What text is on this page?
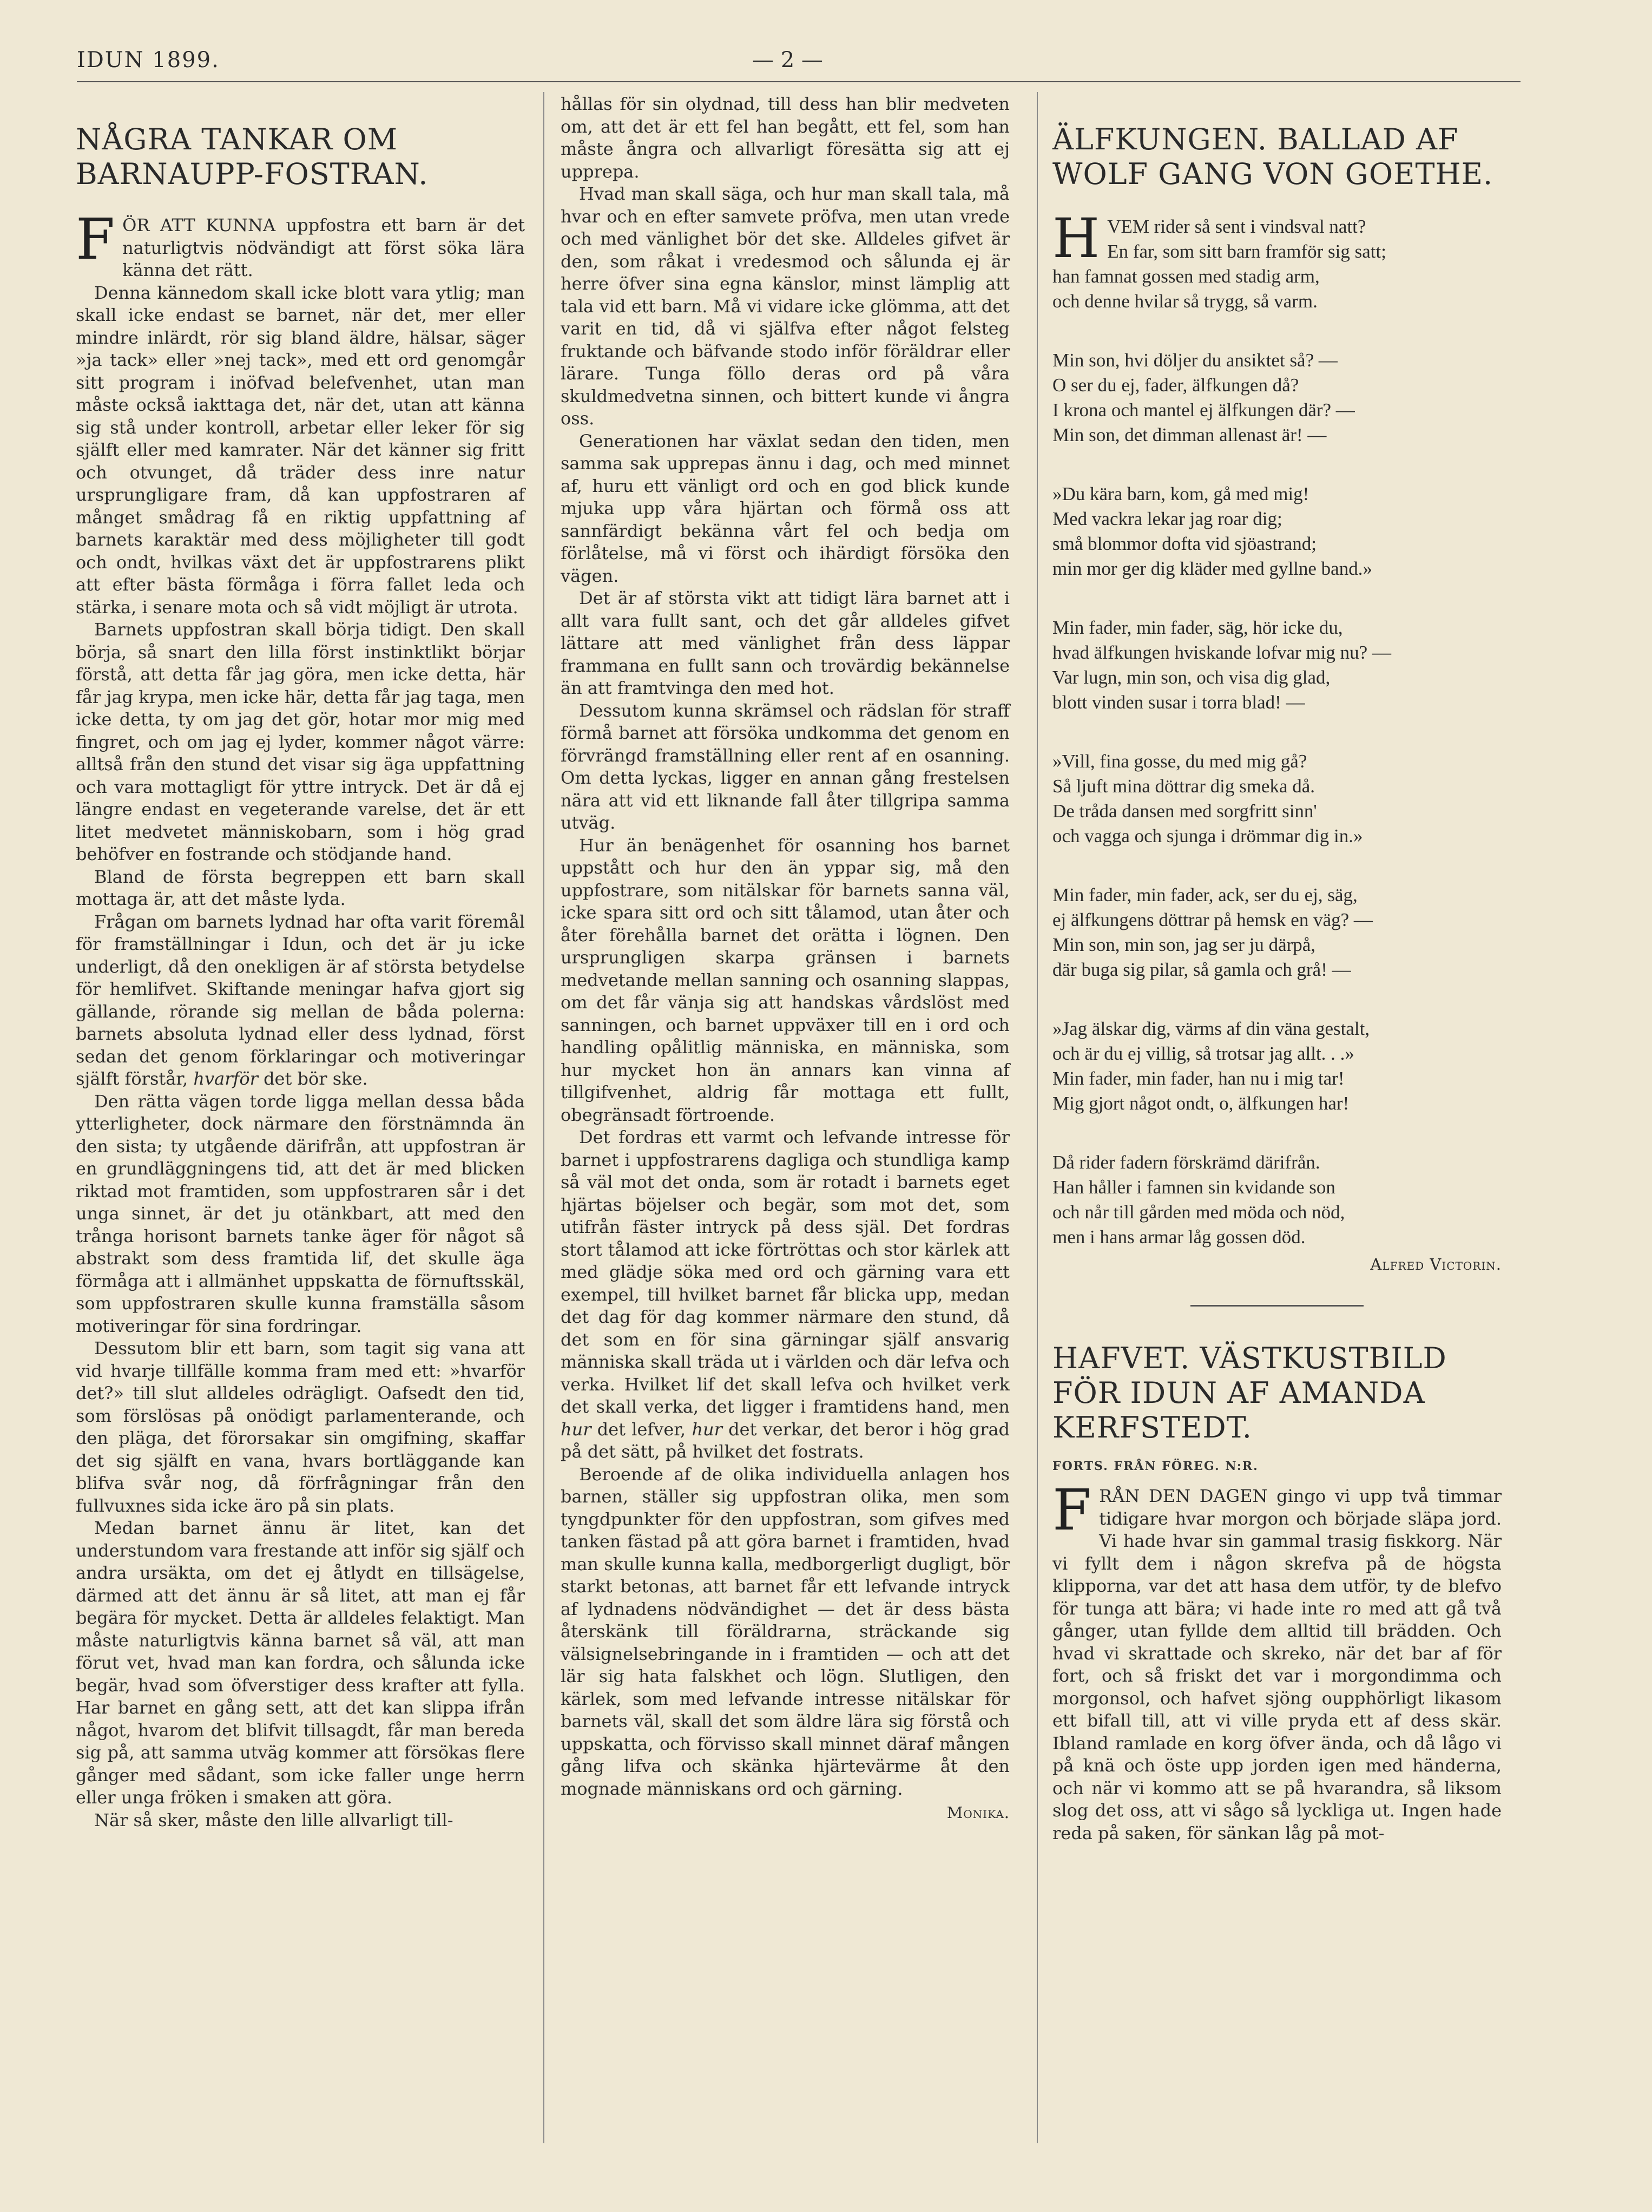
IDUN 1899.	— 2 —
NÅGRA TANKAR OM BARNAUPP-FOSTRAN.

FÖR ATT KUNNA uppfostra ett barn är det naturligtvis nödvändigt att först söka lära känna det rätt.

Denna kännedom skall icke blott vara ytlig; man skall icke endast se barnet, när det, mer eller mindre inlärdt, rör sig bland äldre, hälsar, säger »ja tack» eller »nej tack», med ett ord genomgår sitt program i inöfvad belefvenhet, utan man måste också iakttaga det, när det, utan att känna sig stå under kontroll, arbetar eller leker för sig själft eller med kamrater. När det känner sig fritt och otvunget, då träder dess inre natur ursprungligare fram, då kan uppfostraren af månget smådrag få en riktig uppfattning af barnets karaktär med dess möjligheter till godt och ondt, hvilkas växt det är uppfostrarens plikt att efter bästa förmåga i förra fallet leda och stärka, i senare mota och så vidt möjligt är utrota.

Barnets uppfostran skall börja tidigt. Den skall börja, så snart den lilla först instinktlikt börjar förstå, att detta får jag göra, men icke detta, här får jag krypa, men icke här, detta får jag taga, men icke detta, ty om jag det gör, hotar mor mig med fingret, och om jag ej lyder, kommer något värre: alltså från den stund det visar sig äga uppfattning och vara mottagligt för yttre intryck. Det är då ej längre endast en vegeterande varelse, det är ett litet medvetet människobarn, som i hög grad behöfver en fostrande och stödjande hand.

Bland de första begreppen ett barn skall mottaga är, att det måste lyda.

Frågan om barnets lydnad har ofta varit föremål för framställningar i Idun, och det är ju icke underligt, då den onekligen är af största betydelse för hemlifvet. Skiftande meningar hafva gjort sig gällande, rörande sig mellan de båda polerna: barnets absoluta lydnad eller dess lydnad, först sedan det genom förklaringar och motiveringar själft förstår, hvarför det bör ske.

Den rätta vägen torde ligga mellan dessa båda ytterligheter, dock närmare den förstnämnda än den sista; ty utgående därifrån, att uppfostran är en grundläggningens tid, att det är med blicken riktad mot framtiden, som uppfostraren sår i det unga sinnet, är det ju otänkbart, att med den trånga horisont barnets tanke äger för något så abstrakt som dess framtida lif, det skulle äga förmåga att i allmänhet uppskatta de förnuftsskäl, som uppfostraren skulle kunna framställa såsom motiveringar för sina fordringar.

Dessutom blir ett barn, som tagit sig vana att vid hvarje tillfälle komma fram med ett: »hvarför det?» till slut alldeles odrägligt. Oafsedt den tid, som förslösas på onödigt parlamenterande, och den pläga, det förorsakar sin omgifning, skaffar det sig själft en vana, hvars bortläggande kan blifva svår nog, då förfrågningar från den fullvuxnes sida icke äro på sin plats.

Medan barnet ännu är litet, kan det understundom vara frestande att inför sig själf och andra ursäkta, om det ej åtlydt en tillsägelse, därmed att det ännu är så litet, att man ej får begära för mycket. Detta är alldeles felaktigt. Man måste naturligtvis känna barnet så väl, att man förut vet, hvad man kan fordra, och sålunda icke begär, hvad som öfverstiger dess krafter att fylla. Har barnet en gång sett, att det kan slippa ifrån något, hvarom det blifvit tillsagdt, får man bereda sig på, att samma utväg kommer att försökas flere gånger med sådant, som icke faller unge herrn eller unga fröken i smaken att göra.

När så sker, måste den lille allvarligt till-

hållas för sin olydnad, till dess han blir medveten om, att det är ett fel han begått, ett fel, som han måste ångra och allvarligt föresätta sig att ej upprepa.

Hvad man skall säga, och hur man skall tala, må hvar och en efter samvete pröfva, men utan vrede och med vänlighet bör det ske. Alldeles gifvet är den, som råkat i vredesmod och sålunda ej är herre öfver sina egna känslor, minst lämplig att tala vid ett barn. Må vi vidare icke glömma, att det varit en tid, då vi själfva efter något felsteg fruktande och bäfvande stodo inför föräldrar eller lärare. Tunga föllo deras ord på våra skuldmedvetna sinnen, och bittert kunde vi ångra oss.

Generationen har växlat sedan den tiden, men samma sak upprepas ännu i dag, och med minnet af, huru ett vänligt ord och en god blick kunde mjuka upp våra hjärtan och förmå oss att sannfärdigt bekänna vårt fel och bedja om förlåtelse, må vi först och ihärdigt försöka den vägen.

Det är af största vikt att tidigt lära barnet att i allt vara fullt sant, och det går alldeles gifvet lättare att med vänlighet från dess läppar frammana en fullt sann och trovärdig bekännelse än att framtvinga den med hot.

Dessutom kunna skrämsel och rädslan för straff förmå barnet att försöka undkomma det genom en förvrängd framställning eller rent af en osanning. Om detta lyckas, ligger en annan gång frestelsen nära att vid ett liknande fall åter tillgripa samma utväg.

Hur än benägenhet för osanning hos barnet uppstått och hur den än yppar sig, må den uppfostrare, som nitälskar för barnets sanna väl, icke spara sitt ord och sitt tålamod, utan åter och åter förehålla barnet det orätta i lögnen. Den ursprungligen skarpa gränsen i barnets medvetande mellan sanning och osanning slappas, om det får vänja sig att handskas vårdslöst med sanningen, och barnet uppväxer till en i ord och handling opålitlig människa, en människa, som hur mycket hon än annars kan vinna af tillgifvenhet, aldrig får mottaga ett fullt, obegränsadt förtroende.

Det fordras ett varmt och lefvande intresse för barnet i uppfostrarens dagliga och stundliga kamp så väl mot det onda, som är rotadt i barnets eget hjärtas böjelser och begär, som mot det, som utifrån fäster intryck på dess själ. Det fordras stort tålamod att icke förtröttas och stor kärlek att med glädje söka med ord och gärning vara ett exempel, till hvilket barnet får blicka upp, medan det dag för dag kommer närmare den stund, då det som en för sina gärningar själf ansvarig människa skall träda ut i världen och där lefva och verka. Hvilket lif det skall lefva och hvilket verk det skall verka, det ligger i framtidens hand, men hur det lefver, hur det verkar, det beror i hög grad på det sätt, på hvilket det fostrats.

Beroende af de olika individuella anlagen hos barnen, ställer sig uppfostran olika, men som tyngdpunkter för den uppfostran, som gifves med tanken fästad på att göra barnet i framtiden, hvad man skulle kunna kalla, medborgerligt dugligt, bör starkt betonas, att barnet får ett lefvande intryck af lydnadens nödvändighet — det är dess bästa återskänk till föräldrarna, sträckande sig välsignelsebringande in i framtiden — och att det lär sig hata falskhet och lögn. Slutligen, den kärlek, som med lefvande intresse nitälskar för barnets väl, skall det som äldre lära sig förstå och uppskatta, och förvisso skall minnet däraf mången gång lifva och skänka hjärtevärme åt den mognade människans ord och gärning.

Monika.
ÄLFKUNGEN. BALLAD AF WOLF GANG VON GOETHE.
HVEM rider så sent i vindsval natt?
En far, som sitt barn framför sig satt;
han famnat gossen med stadig arm,
och denne hvilar så trygg, så varm.
Min son, hvi döljer du ansiktet så? —
O ser du ej, fader, älfkungen då?
I krona och mantel ej älfkungen där? —
Min son, det dimman allenast är! —
»Du kära barn, kom, gå med mig!
Med vackra lekar jag roar dig;
små blommor dofta vid sjöastrand;
min mor ger dig kläder med gyllne band.»
Min fader, min fader, säg, hör icke du,
hvad älfkungen hviskande lofvar mig nu? —
Var lugn, min son, och visa dig glad,
blott vinden susar i torra blad! —
»Vill, fina gosse, du med mig gå?
Så ljuft mina döttrar dig smeka då.
De tråda dansen med sorgfritt sinn'
och vagga och sjunga i drömmar dig in.»
Min fader, min fader, ack, ser du ej, säg,
ej älfkungens döttrar på hemsk en väg? —
Min son, min son, jag ser ju därpå,
där buga sig pilar, så gamla och grå! —
»Jag älskar dig, värms af din väna gestalt,
och är du ej villig, så trotsar jag allt. . .»
Min fader, min fader, han nu i mig tar!
Mig gjort något ondt, o, älfkungen har!
Då rider fadern förskrämd därifrån.
Han håller i famnen sin kvidande son
och når till gården med möda och nöd,
men i hans armar låg gossen död.
Alfred Victorin.
HAFVET. VÄSTKUSTBILD FÖR IDUN AF AMANDA KERFSTEDT.
FORTS. FRÅN FÖREG. N:R.

FRÅN DEN DAGEN gingo vi upp två timmar tidigare hvar morgon och började släpa jord. Vi hade hvar sin gammal trasig fiskkorg. När vi fyllt dem i någon skrefva på de högsta klipporna, var det att hasa dem utför, ty de blefvo för tunga att bära; vi hade inte ro med att gå två gånger, utan fyllde dem alltid till brädden. Och hvad vi skrattade och skreko, när det bar af för fort, och så friskt det var i morgondimma och morgonsol, och hafvet sjöng oupphörligt likasom ett bifall till, att vi ville pryda ett af dess skär. Ibland ramlade en korg öfver ända, och då lågo vi på knä och öste upp jorden igen med händerna, och när vi kommo att se på hvarandra, så liksom slog det oss, att vi sågo så lyckliga ut. Ingen hade reda på saken, för sänkan låg på mot-
